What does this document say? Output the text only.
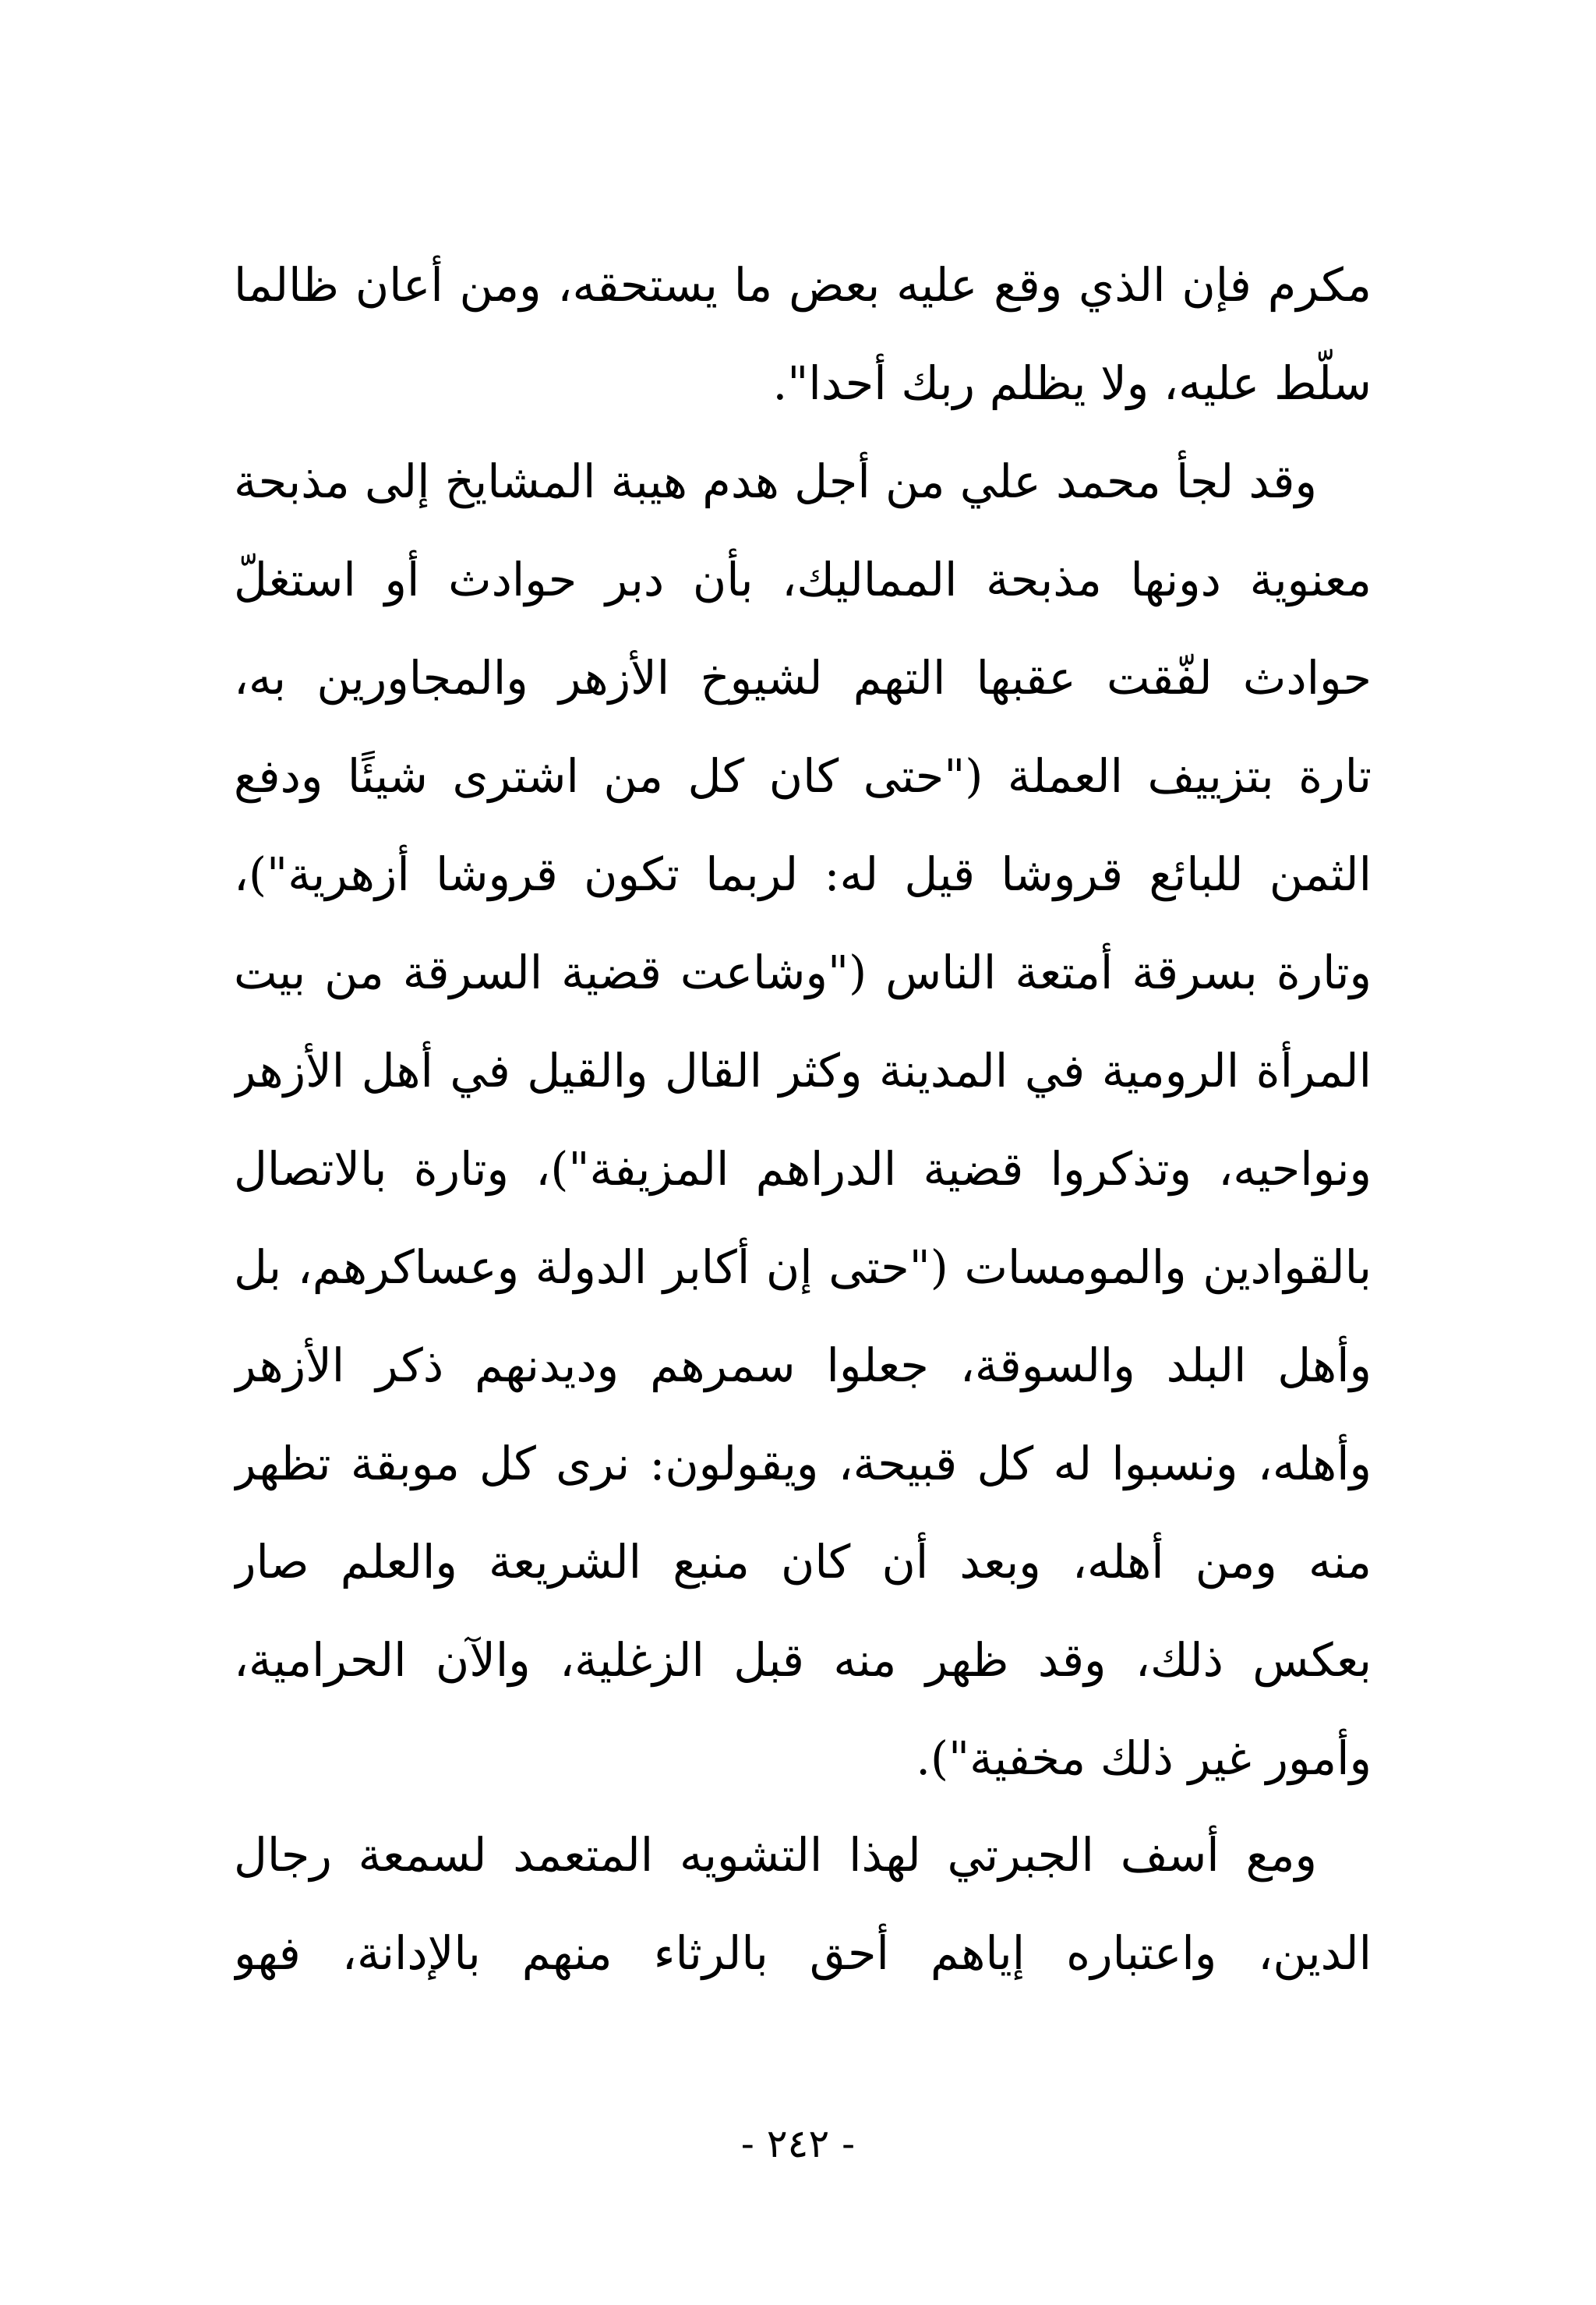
مكرم فإن الذي وقع عليه بعض ما يستحقه، ومن أعان ظالما
سلّط عليه، ولا يظلم ربك أحدا".
وقد لجأ محمد علي من أجل هدم هيبة المشايخ إلى مذبحة
معنوية دونها مذبحة المماليك، بأن دبر حوادث أو استغلّ
حوادث لفّقت عقبها التهم لشيوخ الأزهر والمجاورين به،
تارة بتزييف العملة ("حتى كان كل من اشترى شيئًا ودفع
الثمن للبائع قروشا قيل له: لربما تكون قروشا أزهرية")،
وتارة بسرقة أمتعة الناس ("وشاعت قضية السرقة من بيت
المرأة الرومية في المدينة وكثر القال والقيل في أهل الأزهر
ونواحيه، وتذكروا قضية الدراهم المزيفة")، وتارة بالاتصال
بالقوادين والمومسات ("حتى إن أكابر الدولة وعساكرهم، بل
وأهل البلد والسوقة، جعلوا سمرهم وديدنهم ذكر الأزهر
وأهله، ونسبوا له كل قبيحة، ويقولون: نرى كل موبقة تظهر
منه ومن أهله، وبعد أن كان منبع الشريعة والعلم صار
بعكس ذلك، وقد ظهر منه قبل الزغلية، والآن الحرامية،
وأمور غير ذلك مخفية").
ومع أسف الجبرتي لهذا التشويه المتعمد لسمعة رجال
الدين، واعتباره إياهم أحق بالرثاء منهم بالإدانة، فهو
- ٢٤٢ -
